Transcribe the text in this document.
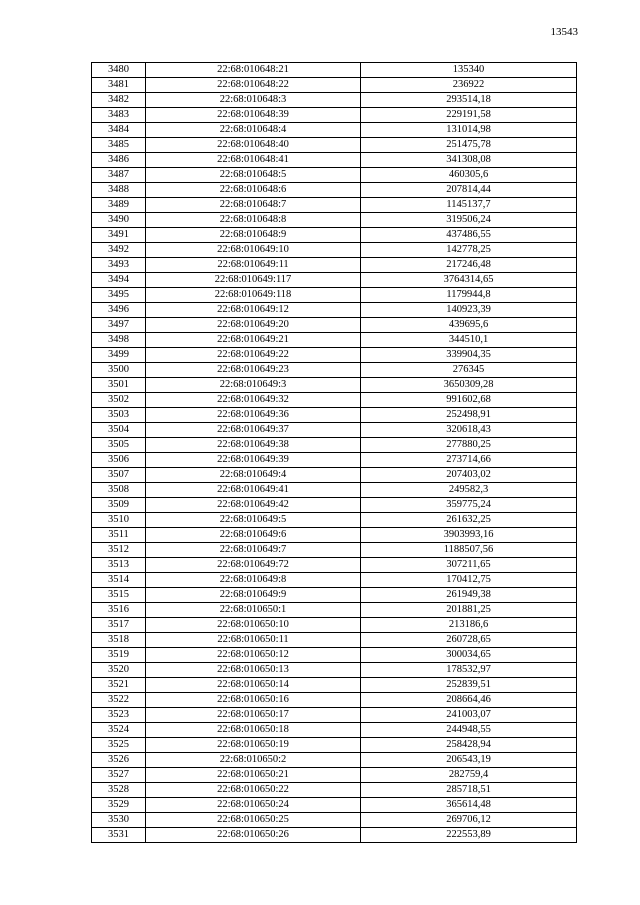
13543
3480	22:68:010648:21	135340
3481	22:68:010648:22	236922
3482	22:68:010648:3	293514,18
3483	22:68:010648:39	229191,58
3484	22:68:010648:4	131014,98
3485	22:68:010648:40	251475,78
3486	22:68:010648:41	341308,08
3487	22:68:010648:5	460305,6
3488	22:68:010648:6	207814,44
3489	22:68:010648:7	1145137,7
3490	22:68:010648:8	319506,24
3491	22:68:010648:9	437486,55
3492	22:68:010649:10	142778,25
3493	22:68:010649:11	217246,48
3494	22:68:010649:117	3764314,65
3495	22:68:010649:118	1179944,8
3496	22:68:010649:12	140923,39
3497	22:68:010649:20	439695,6
3498	22:68:010649:21	344510,1
3499	22:68:010649:22	339904,35
3500	22:68:010649:23	276345
3501	22:68:010649:3	3650309,28
3502	22:68:010649:32	991602,68
3503	22:68:010649:36	252498,91
3504	22:68:010649:37	320618,43
3505	22:68:010649:38	277880,25
3506	22:68:010649:39	273714,66
3507	22:68:010649:4	207403,02
3508	22:68:010649:41	249582,3
3509	22:68:010649:42	359775,24
3510	22:68:010649:5	261632,25
3511	22:68:010649:6	3903993,16
3512	22:68:010649:7	1188507,56
3513	22:68:010649:72	307211,65
3514	22:68:010649:8	170412,75
3515	22:68:010649:9	261949,38
3516	22:68:010650:1	201881,25
3517	22:68:010650:10	213186,6
3518	22:68:010650:11	260728,65
3519	22:68:010650:12	300034,65
3520	22:68:010650:13	178532,97
3521	22:68:010650:14	252839,51
3522	22:68:010650:16	208664,46
3523	22:68:010650:17	241003,07
3524	22:68:010650:18	244948,55
3525	22:68:010650:19	258428,94
3526	22:68:010650:2	206543,19
3527	22:68:010650:21	282759,4
3528	22:68:010650:22	285718,51
3529	22:68:010650:24	365614,48
3530	22:68:010650:25	269706,12
3531	22:68:010650:26	222553,89
